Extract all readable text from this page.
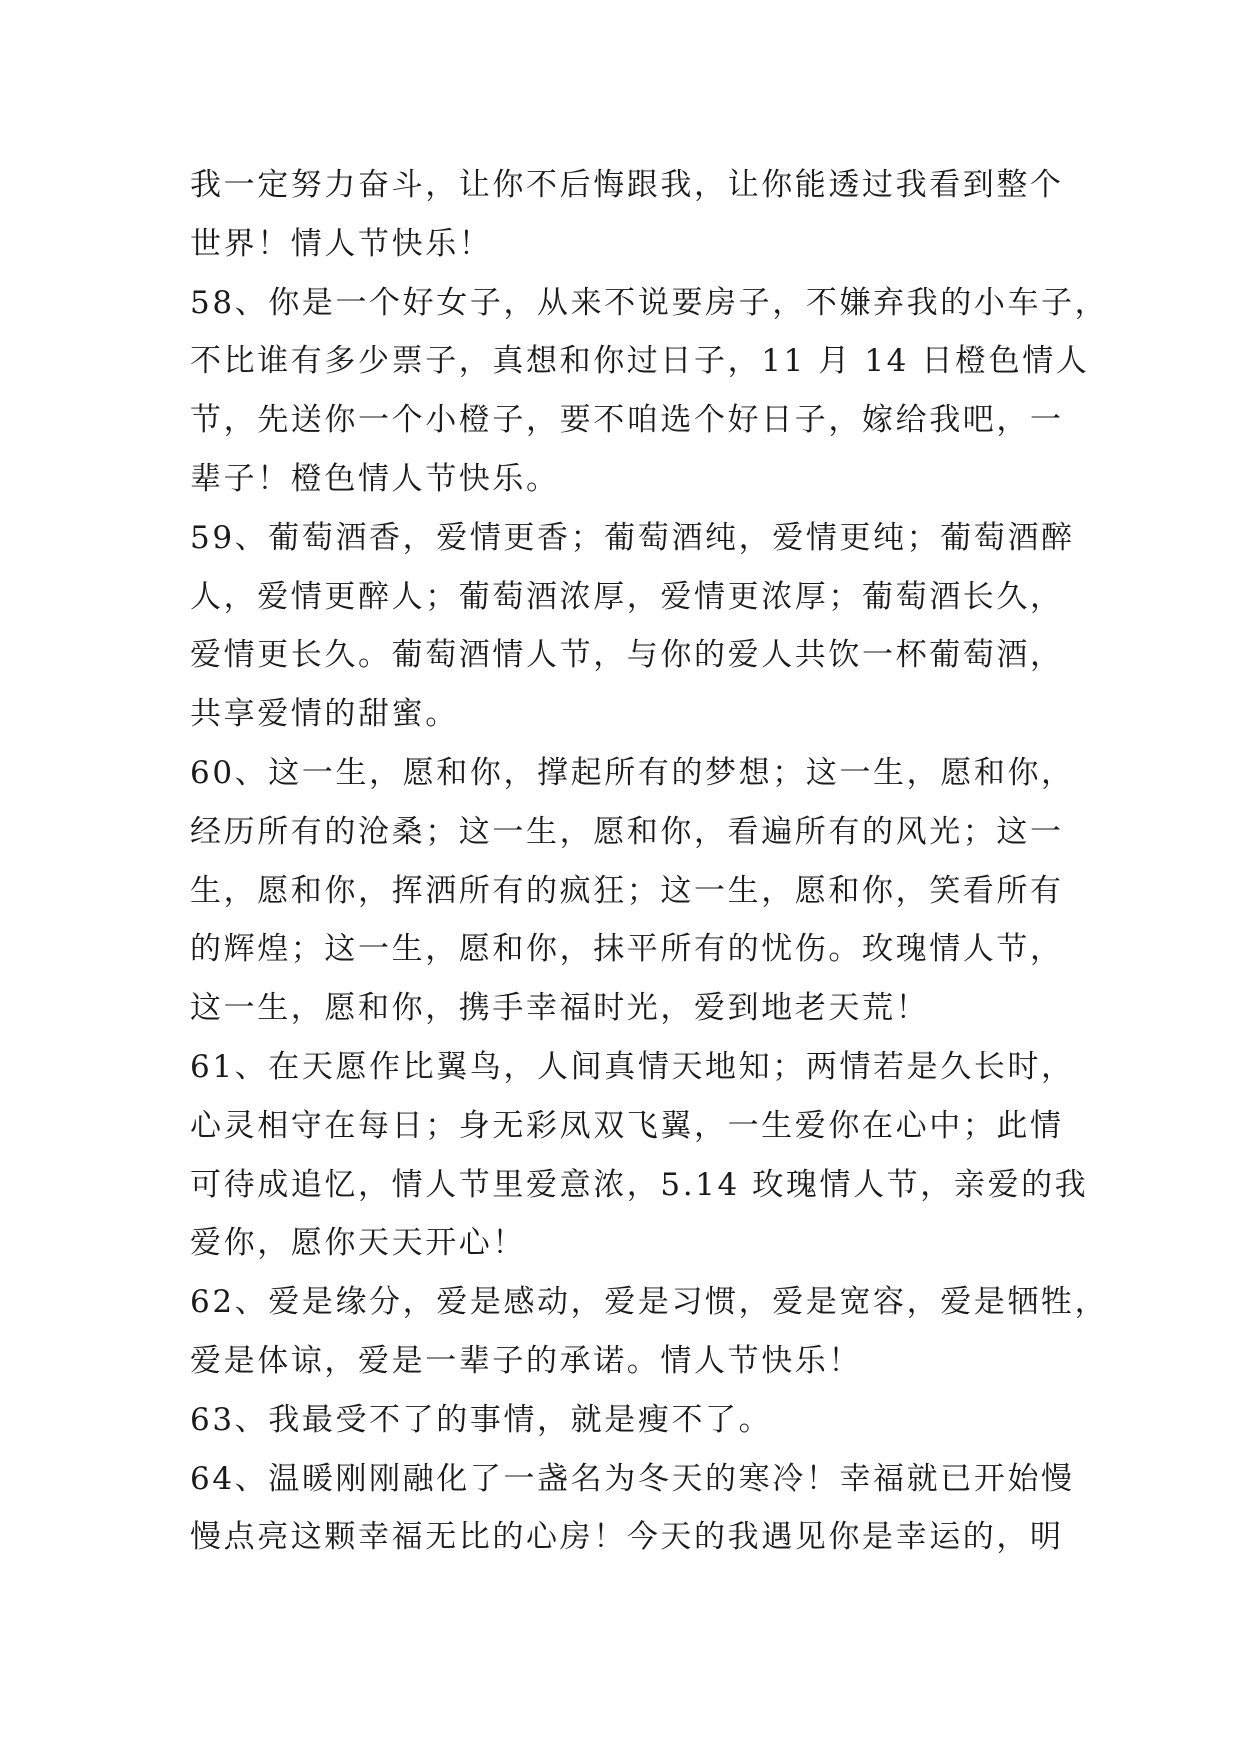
我一定努力奋斗，让你不后悔跟我，让你能透过我看到整个
世界！情人节快乐！
58、你是一个好女子，从来不说要房子，不嫌弃我的小车子，
不比谁有多少票子，真想和你过日子，11 月 14 日橙色情人
节，先送你一个小橙子，要不咱选个好日子，嫁给我吧，一
辈子！橙色情人节快乐。
59、葡萄酒香，爱情更香；葡萄酒纯，爱情更纯；葡萄酒醉
人，爱情更醉人；葡萄酒浓厚，爱情更浓厚；葡萄酒长久，
爱情更长久。葡萄酒情人节，与你的爱人共饮一杯葡萄酒，
共享爱情的甜蜜。
60、这一生，愿和你，撑起所有的梦想；这一生，愿和你，
经历所有的沧桑；这一生，愿和你，看遍所有的风光；这一
生，愿和你，挥洒所有的疯狂；这一生，愿和你，笑看所有
的辉煌；这一生，愿和你，抹平所有的忧伤。玫瑰情人节，
这一生，愿和你，携手幸福时光，爱到地老天荒！
61、在天愿作比翼鸟，人间真情天地知；两情若是久长时，
心灵相守在每日；身无彩凤双飞翼，一生爱你在心中；此情
可待成追忆，情人节里爱意浓，5.14 玫瑰情人节，亲爱的我
爱你，愿你天天开心！
62、爱是缘分，爱是感动，爱是习惯，爱是宽容，爱是牺牲，
爱是体谅，爱是一辈子的承诺。情人节快乐！
63、我最受不了的事情，就是瘦不了。
64、温暖刚刚融化了一盏名为冬天的寒冷！幸福就已开始慢
慢点亮这颗幸福无比的心房！今天的我遇见你是幸运的，明
